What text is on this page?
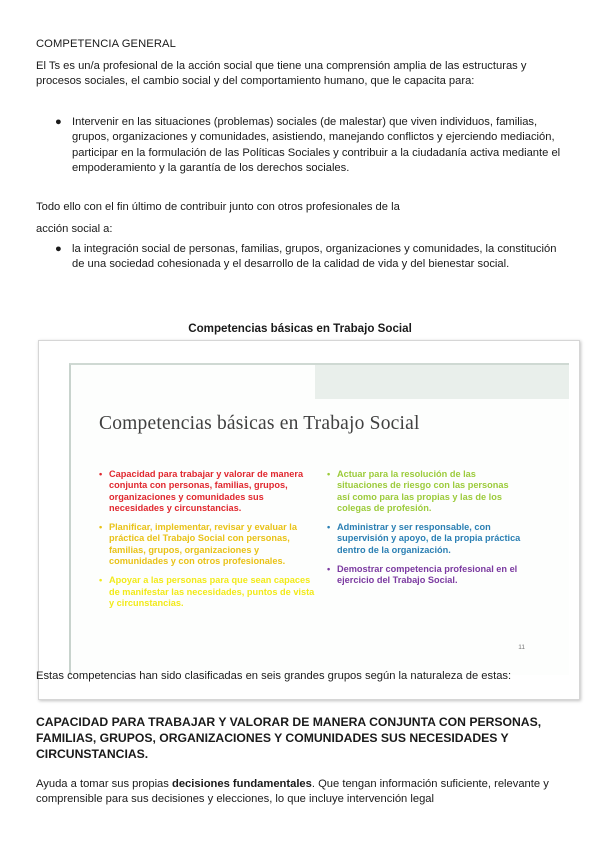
COMPETENCIA GENERAL
El Ts es un/a profesional de la acción social que tiene una comprensión amplia de las estructuras y procesos sociales, el cambio social y del comportamiento humano, que le capacita para:
● Intervenir en las situaciones (problemas) sociales (de malestar) que viven individuos, familias, grupos, organizaciones y comunidades, asistiendo, manejando conflictos y ejerciendo mediación, participar en la formulación de las Políticas Sociales y contribuir a la ciudadanía activa mediante el empoderamiento y la garantía de los derechos sociales.
Todo ello con el fin último de contribuir junto con otros profesionales de la
acción social a:
● la integración social de personas, familias, grupos, organizaciones y comunidades, la constitución de una sociedad cohesionada y el desarrollo de la calidad de vida y del bienestar social.
Competencias básicas en Trabajo Social
Competencias básicas en Trabajo Social
• Capacidad para trabajar y valorar de manera conjunta con personas, familias, grupos, organizaciones y comunidades sus necesidades y circunstancias.
• Planificar, implementar, revisar y evaluar la práctica del Trabajo Social con personas, familias, grupos, organizaciones y comunidades y con otros profesionales.
• Apoyar a las personas para que sean capaces de manifestar las necesidades, puntos de vista y circunstancias.
• Actuar para la resolución de las situaciones de riesgo con las personas así como para las propias y las de los colegas de profesión.
• Administrar y ser responsable, con supervisión y apoyo, de la propia práctica dentro de la organización.
• Demostrar competencia profesional en el ejercicio del Trabajo Social.
11
Estas competencias han sido clasificadas en seis grandes grupos según la naturaleza de estas:
CAPACIDAD PARA TRABAJAR Y VALORAR DE MANERA CONJUNTA CON PERSONAS, FAMILIAS, GRUPOS, ORGANIZACIONES Y COMUNIDADES SUS NECESIDADES Y CIRCUNSTANCIAS.
Ayuda a tomar sus propias decisiones fundamentales. Que tengan información suficiente, relevante y comprensible para sus decisiones y elecciones, lo que incluye intervención legal
